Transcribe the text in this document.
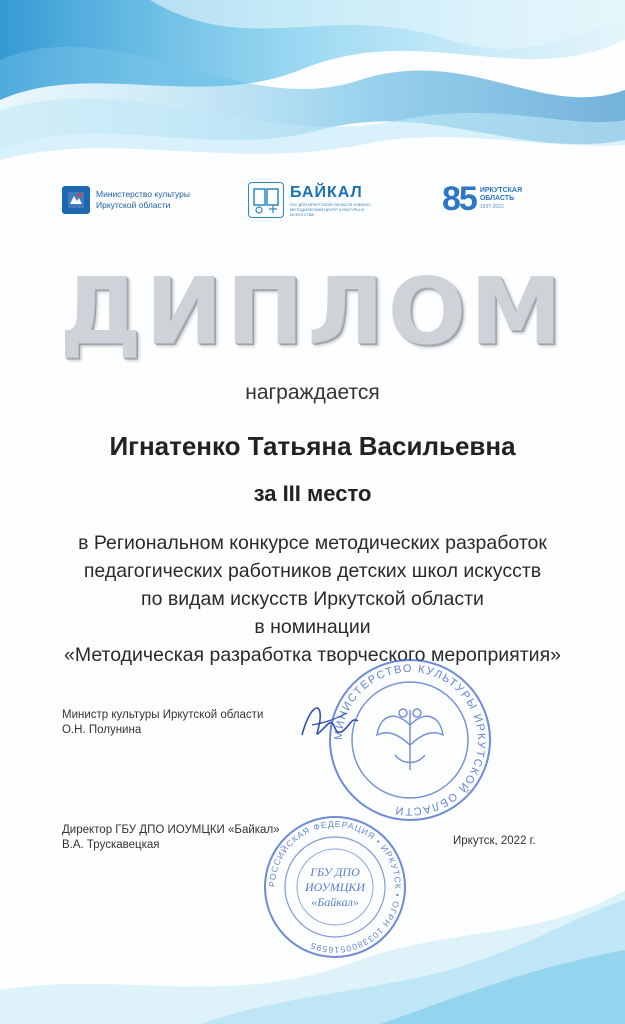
Министерство культуры
Иркутской области
БАЙКАЛ
ГБУ ДПО ИРКУТСКОЙ ОБЛАСТИ УЧЕБНО-МЕТОДИЧЕСКИЙ ЦЕНТР КУЛЬТУРЫ И ИСКУССТВА	85 ИРКУТСКАЯ
ОБЛАСТЬ
1937-2022
ДИПЛОМ
награждается
Игнатенко Татьяна Васильевна
за III место
в Региональном конкурсе методических разработок
педагогических работников детских школ искусств
по видам искусств Иркутской области
в номинации
«Методическая разработка творческого мероприятия»
МИНИСТЕРСТВО КУЛЬТУРЫ ИРКУТСКОЙ ОБЛАСТИ
Министр культуры Иркутской области
О.Н. Полунина
Директор ГБУ ДПО ИОУМЦКИ «Байкал»
В.А. Трускавецкая	Иркутск, 2022 г.
РОССИЙСКАЯ ФЕДЕРАЦИЯ • ИРКУТСК • ОГРН 1033800516595
ГБУ ДПО
ИОУМЦКИ
«Байкал»
